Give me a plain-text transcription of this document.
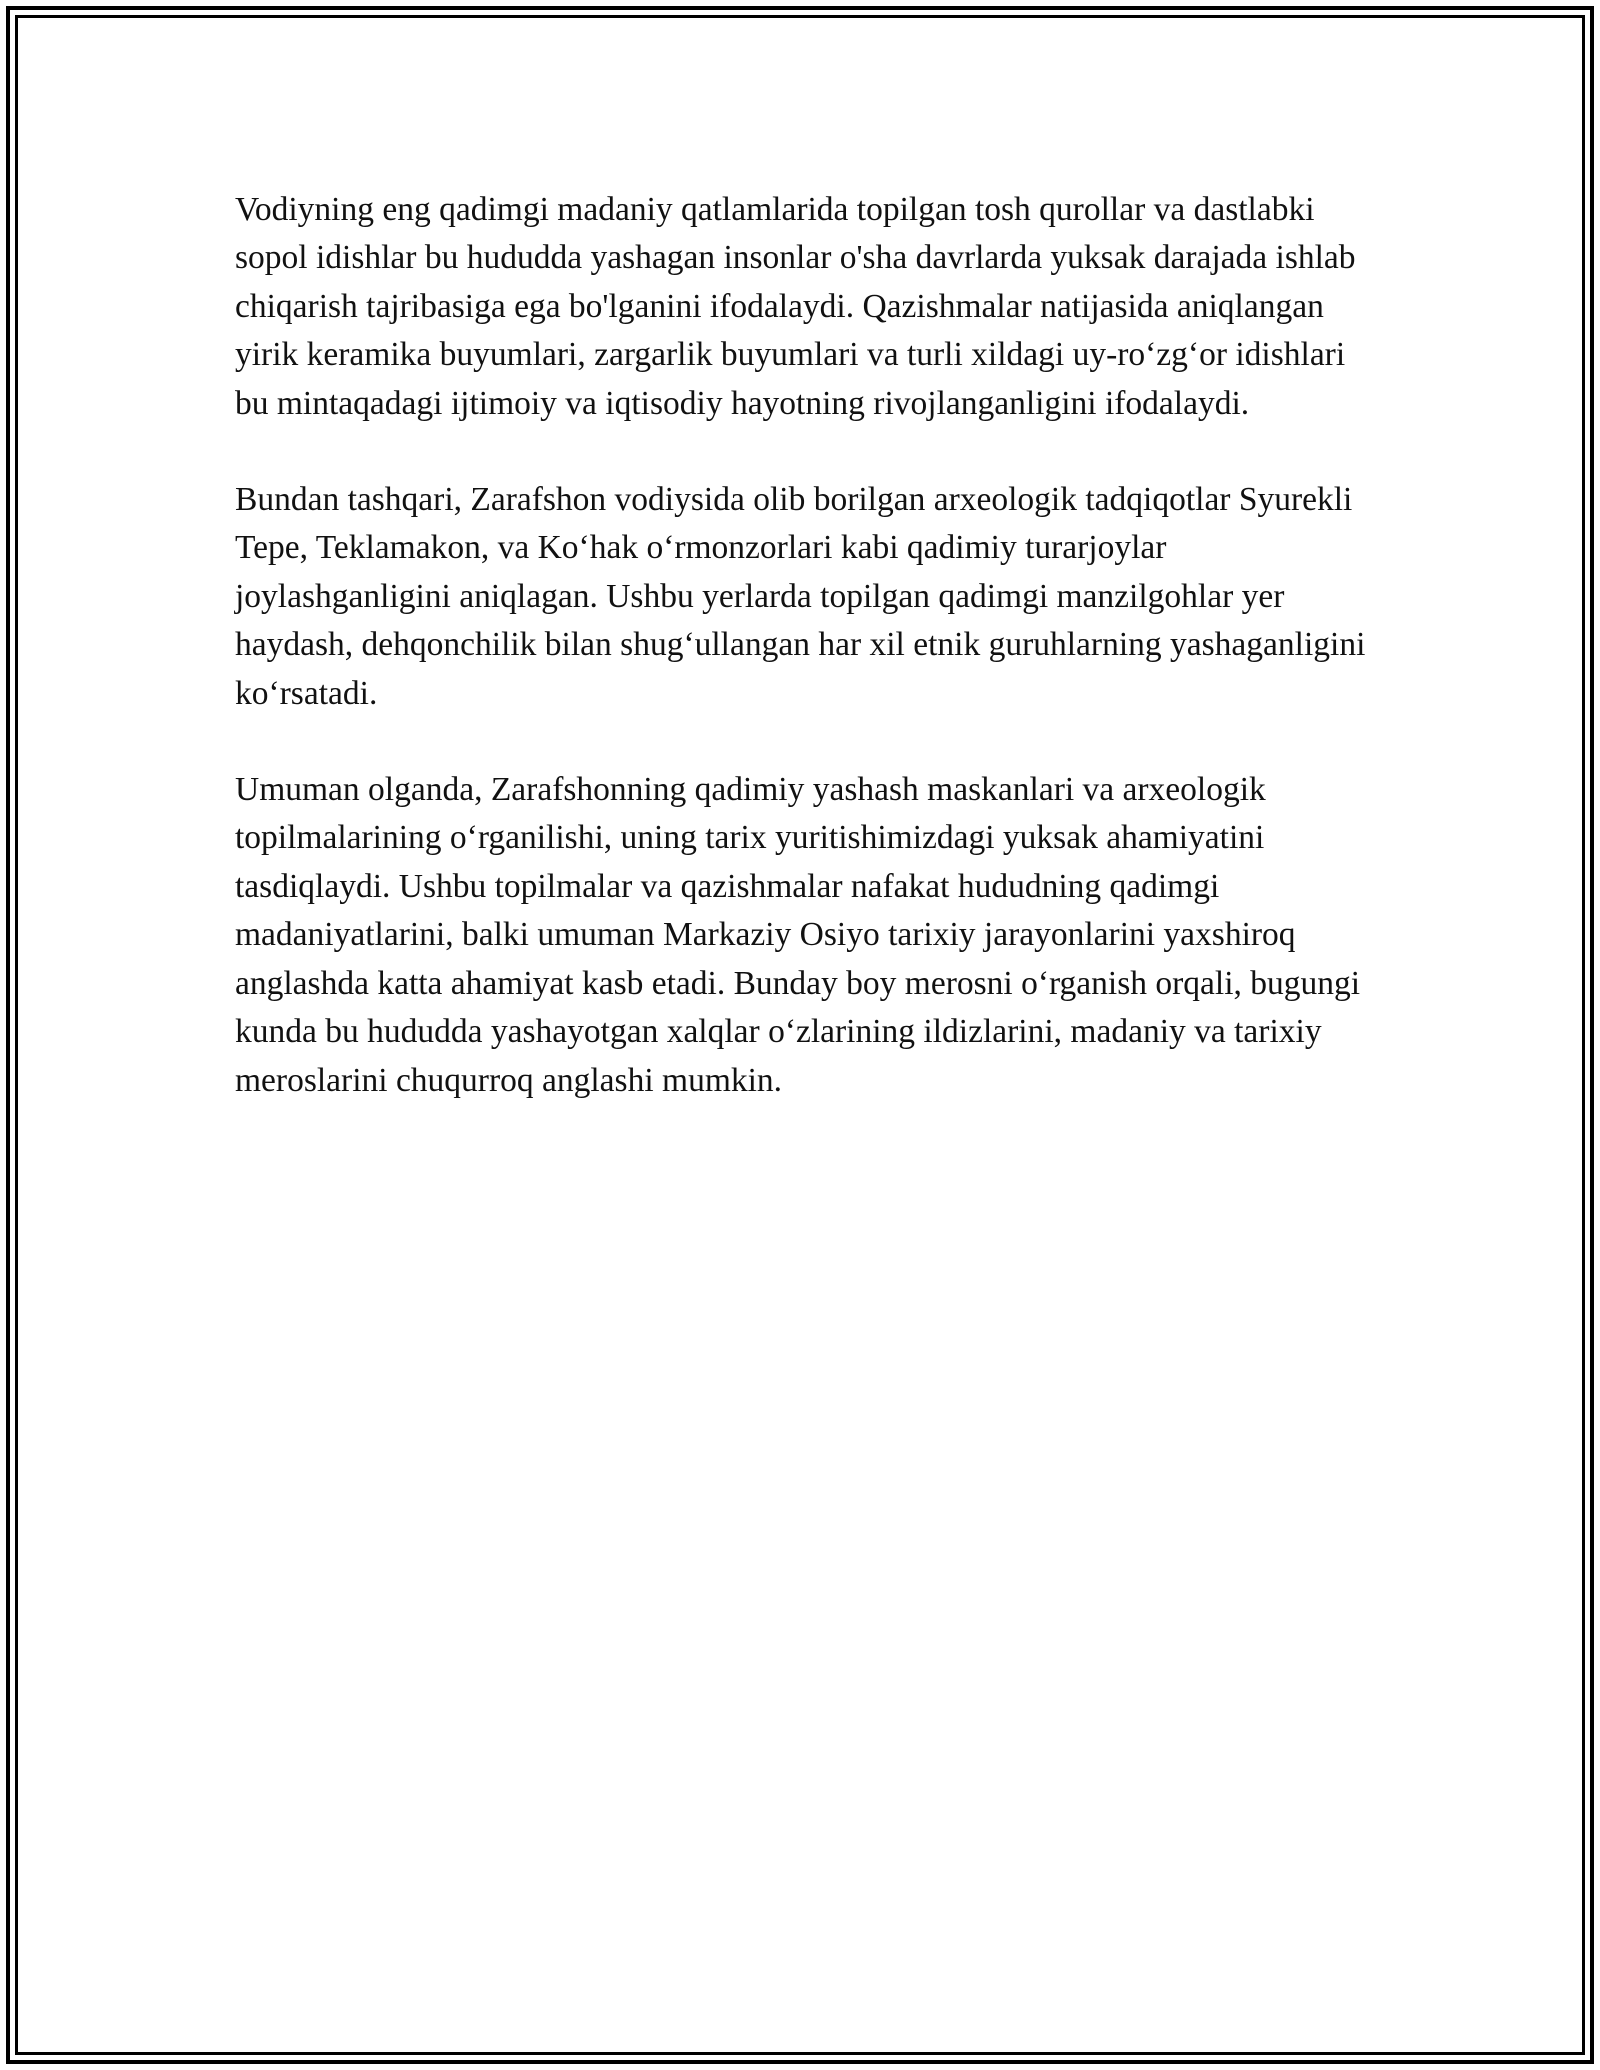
Vodiyning eng qadimgi madaniy qatlamlarida topilgan tosh qurollar va dastlabki sopol idishlar bu hududda yashagan insonlar o'sha davrlarda yuksak darajada ishlab chiqarish tajribasiga ega bo'lganini ifodalaydi. Qazishmalar natijasida aniqlangan yirik keramika buyumlari, zargarlik buyumlari va turli xildagi uy-ro‘zg‘or idishlari bu mintaqadagi ijtimoiy va iqtisodiy hayotning rivojlanganligini ifodalaydi.

Bundan tashqari, Zarafshon vodiysida olib borilgan arxeologik tadqiqotlar Syurekli Tepe, Teklamakon, va Ko‘hak o‘rmonzorlari kabi qadimiy turarjoylar joylashganligini aniqlagan. Ushbu yerlarda topilgan qadimgi manzilgohlar yer haydash, dehqonchilik bilan shug‘ullangan har xil etnik guruhlarning yashaganligini ko‘rsatadi.

Umuman olganda, Zarafshonning qadimiy yashash maskanlari va arxeologik topilmalarining o‘rganilishi, uning tarix yuritishimizdagi yuksak ahamiyatini tasdiqlaydi. Ushbu topilmalar va qazishmalar nafakat hududning qadimgi madaniyatlarini, balki umuman Markaziy Osiyo tarixiy jarayonlarini yaxshiroq anglashda katta ahamiyat kasb etadi. Bunday boy merosni o‘rganish orqali, bugungi kunda bu hududda yashayotgan xalqlar o‘zlarining ildizlarini, madaniy va tarixiy meroslarini chuqurroq anglashi mumkin.
